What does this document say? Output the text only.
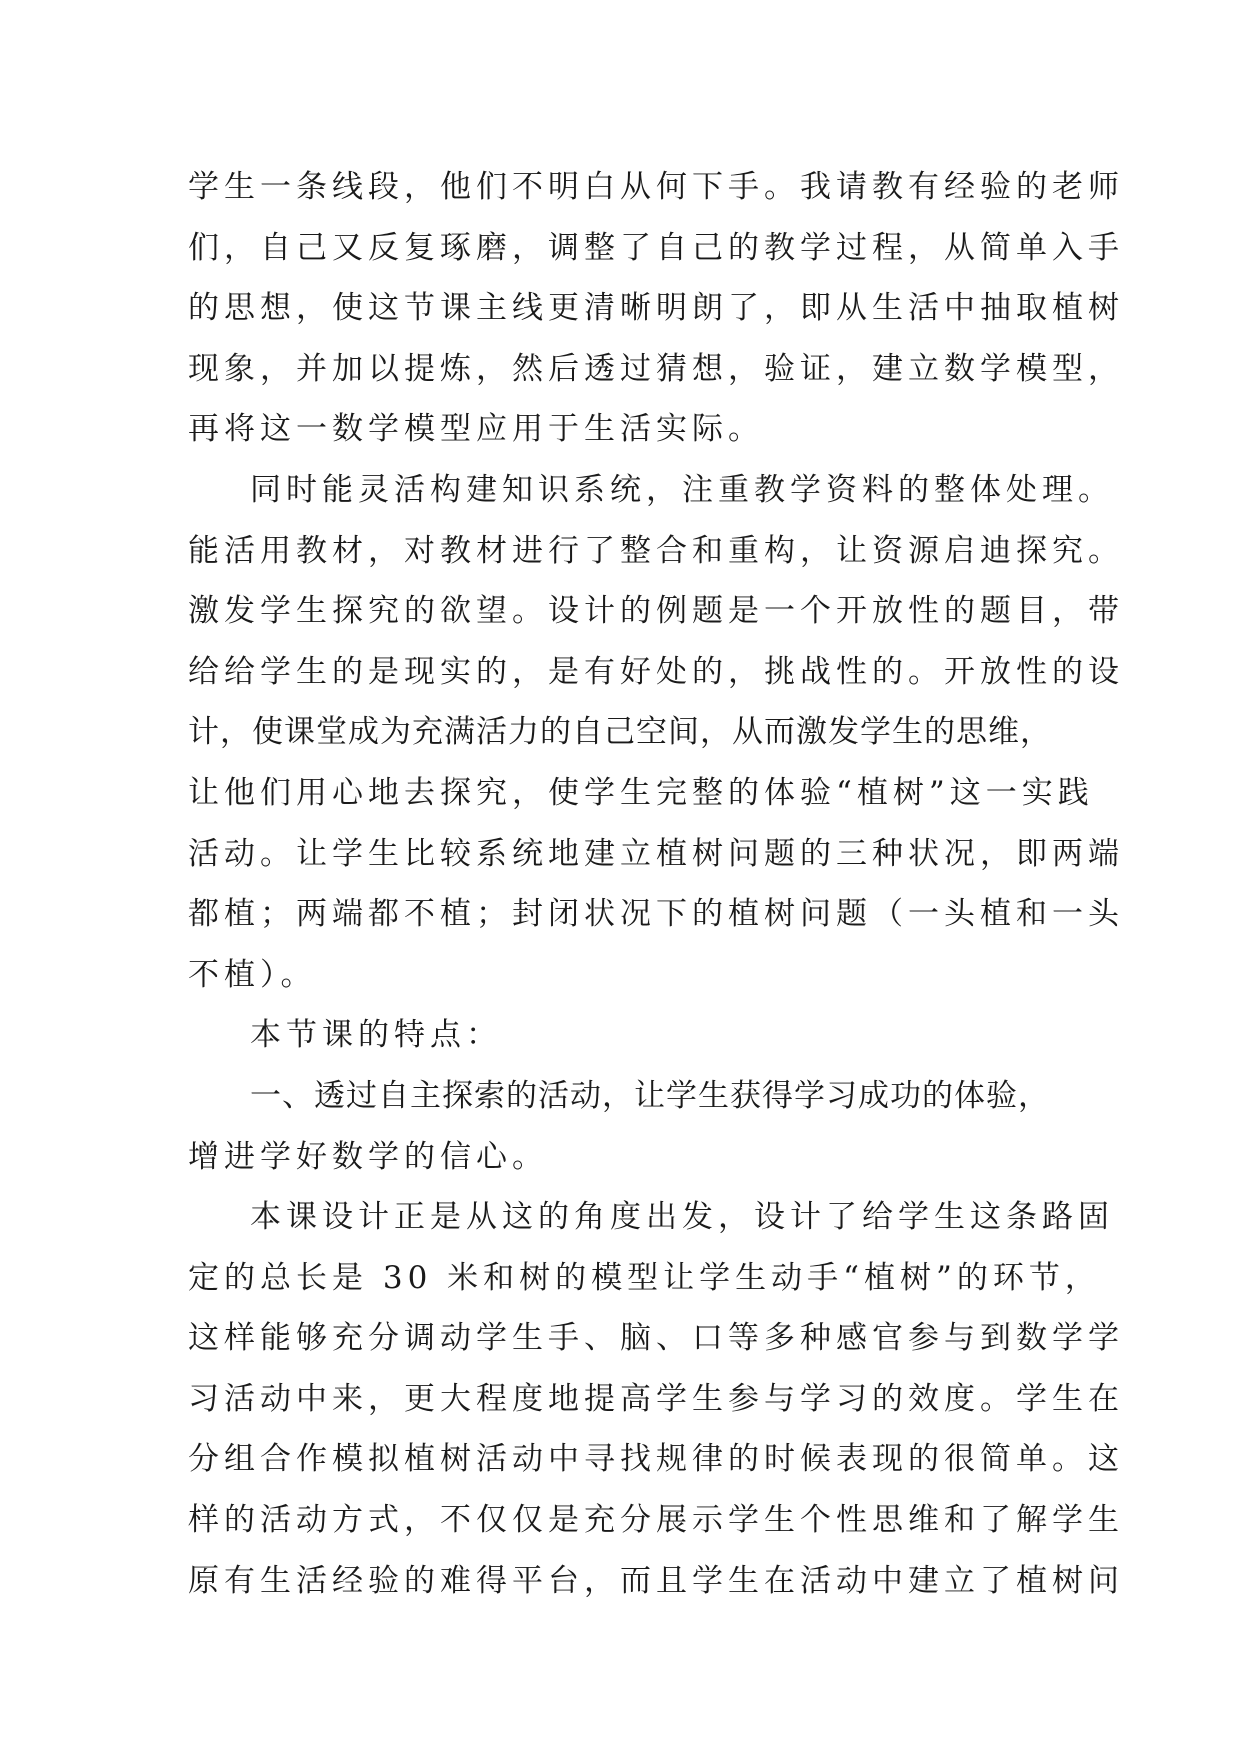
学生一条线段，他们不明白从何下手。我请教有经验的老师
们，自己又反复琢磨，调整了自己的教学过程，从简单入手
的思想，使这节课主线更清晰明朗了，即从生活中抽取植树
现象，并加以提炼，然后透过猜想，验证，建立数学模型，
再将这一数学模型应用于生活实际。
同时能灵活构建知识系统，注重教学资料的整体处理。
能活用教材，对教材进行了整合和重构，让资源启迪探究。
激发学生探究的欲望。设计的例题是一个开放性的题目，带
给给学生的是现实的，是有好处的，挑战性的。开放性的设
计，使课堂成为充满活力的自己空间，从而激发学生的思维，
让他们用心地去探究，使学生完整的体验“植树”这一实践
活动。让学生比较系统地建立植树问题的三种状况，即两端
都植；两端都不植；封闭状况下的植树问题（一头植和一头
不植）。
本节课的特点：
一、透过自主探索的活动，让学生获得学习成功的体验，
增进学好数学的信心。
本课设计正是从这的角度出发，设计了给学生这条路固
定的总长是 30 米和树的模型让学生动手“植树”的环节，
这样能够充分调动学生手、脑、口等多种感官参与到数学学
习活动中来，更大程度地提高学生参与学习的效度。学生在
分组合作模拟植树活动中寻找规律的时候表现的很简单。这
样的活动方式，不仅仅是充分展示学生个性思维和了解学生
原有生活经验的难得平台，而且学生在活动中建立了植树问
